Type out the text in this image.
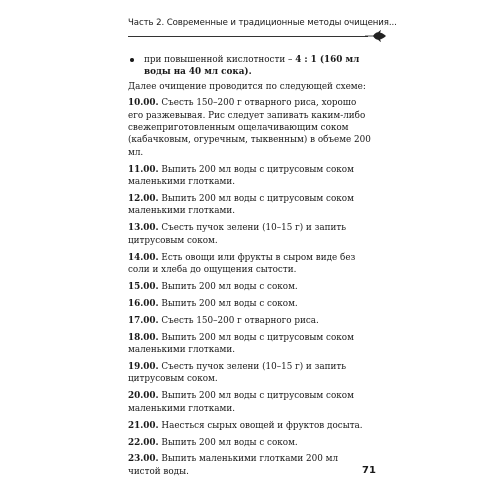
Часть 2. Современные и традиционные методы очищения...
при повышенной кислотности – 4 : 1 (160 мл воды на 40 мл сока).
Далее очищение проводится по следующей схеме:
10.00. Съесть 150–200 г отварного риса, хорошо его разжевывая. Рис следует запивать каким-либо свежеприготовленным ощелачивающим соком (кабачковым, огуречным, тыквенным) в объеме 200 мл.
11.00. Выпить 200 мл воды с цитрусовым соком маленькими глотками.
12.00. Выпить 200 мл воды с цитрусовым соком маленькими глотками.
13.00. Съесть пучок зелени (10–15 г) и запить цитрусовым соком.
14.00. Есть овощи или фрукты в сыром виде без соли и хлеба до ощущения сытости.
15.00. Выпить 200 мл воды с соком.
16.00. Выпить 200 мл воды с соком.
17.00. Съесть 150–200 г отварного риса.
18.00. Выпить 200 мл воды с цитрусовым соком маленькими глотками.
19.00. Съесть пучок зелени (10–15 г) и запить цитрусовым соком.
20.00. Выпить 200 мл воды с цитрусовым соком маленькими глотками.
21.00. Наесться сырых овощей и фруктов досыта.
22.00. Выпить 200 мл воды с соком.
23.00. Выпить маленькими глотками 200 мл чистой воды.	71
